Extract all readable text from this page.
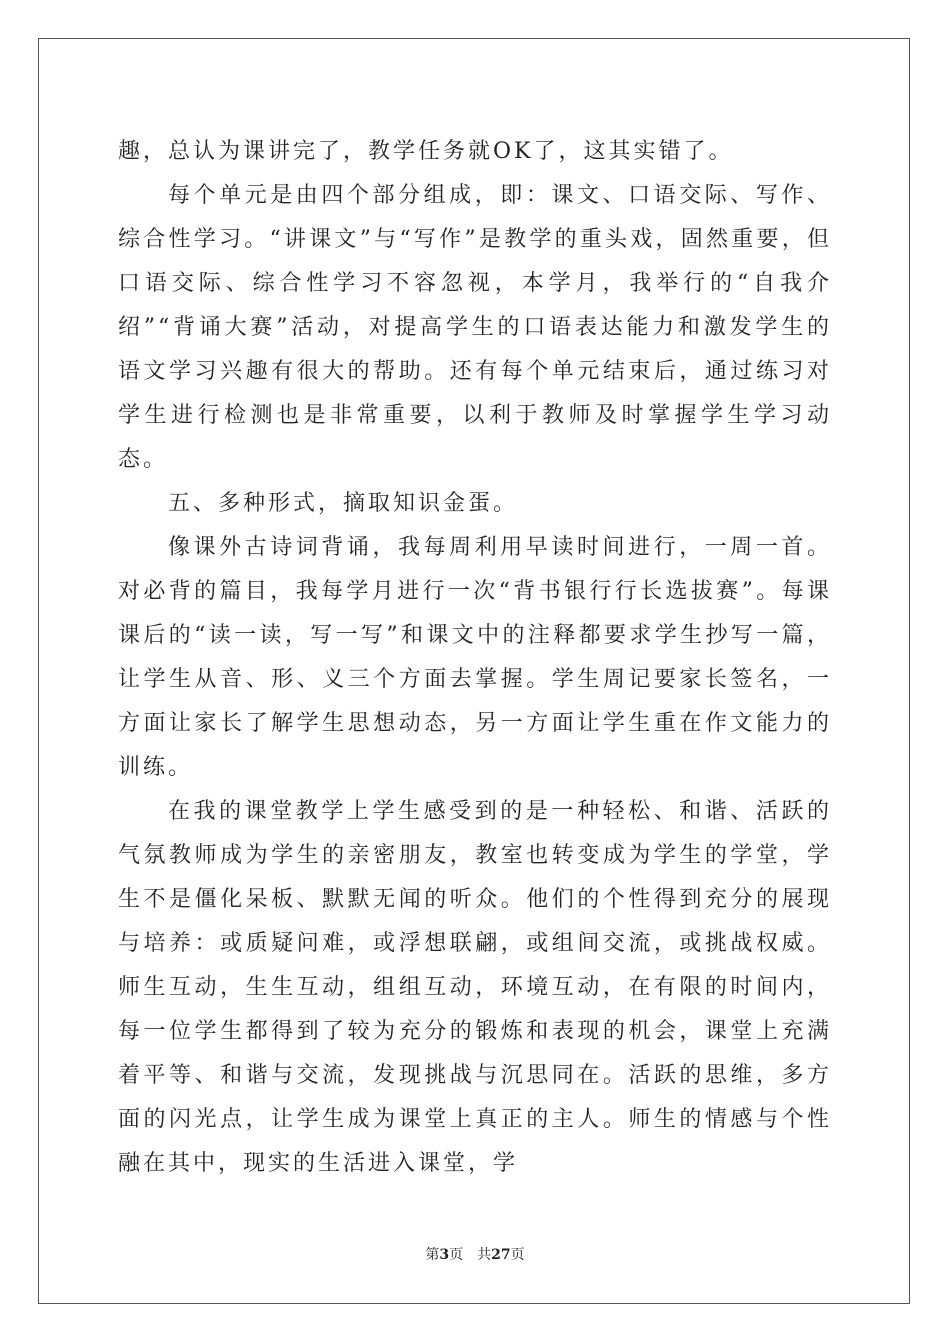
趣，总认为课讲完了，教学任务就OK了，这其实错了。

每个单元是由四个部分组成，即：课文、口语交际、写作、综合性学习。“讲课文”与“写作”是教学的重头戏，固然重要，但口语交际、综合性学习不容忽视，本学月，我举行的“自我介绍”“背诵大赛”活动，对提高学生的口语表达能力和激发学生的语文学习兴趣有很大的帮助。还有每个单元结束后，通过练习对学生进行检测也是非常重要，以利于教师及时掌握学生学习动态。

五、多种形式，摘取知识金蛋。

像课外古诗词背诵，我每周利用早读时间进行，一周一首。对必背的篇目，我每学月进行一次“背书银行行长选拔赛”。每课课后的“读一读，写一写”和课文中的注释都要求学生抄写一篇，让学生从音、形、义三个方面去掌握。学生周记要家长签名，一方面让家长了解学生思想动态，另一方面让学生重在作文能力的训练。

在我的课堂教学上学生感受到的是一种轻松、和谐、活跃的气氛教师成为学生的亲密朋友，教室也转变成为学生的学堂，学生不是僵化呆板、默默无闻的听众。他们的个性得到充分的展现与培养：或质疑问难，或浮想联翩，或组间交流，或挑战权威。师生互动，生生互动，组组互动，环境互动，在有限的时间内，每一位学生都得到了较为充分的锻炼和表现的机会，课堂上充满着平等、和谐与交流，发现挑战与沉思同在。活跃的思维，多方面的闪光点，让学生成为课堂上真正的主人。师生的情感与个性融在其中，现实的生活进入课堂，学

第3页 共27页
